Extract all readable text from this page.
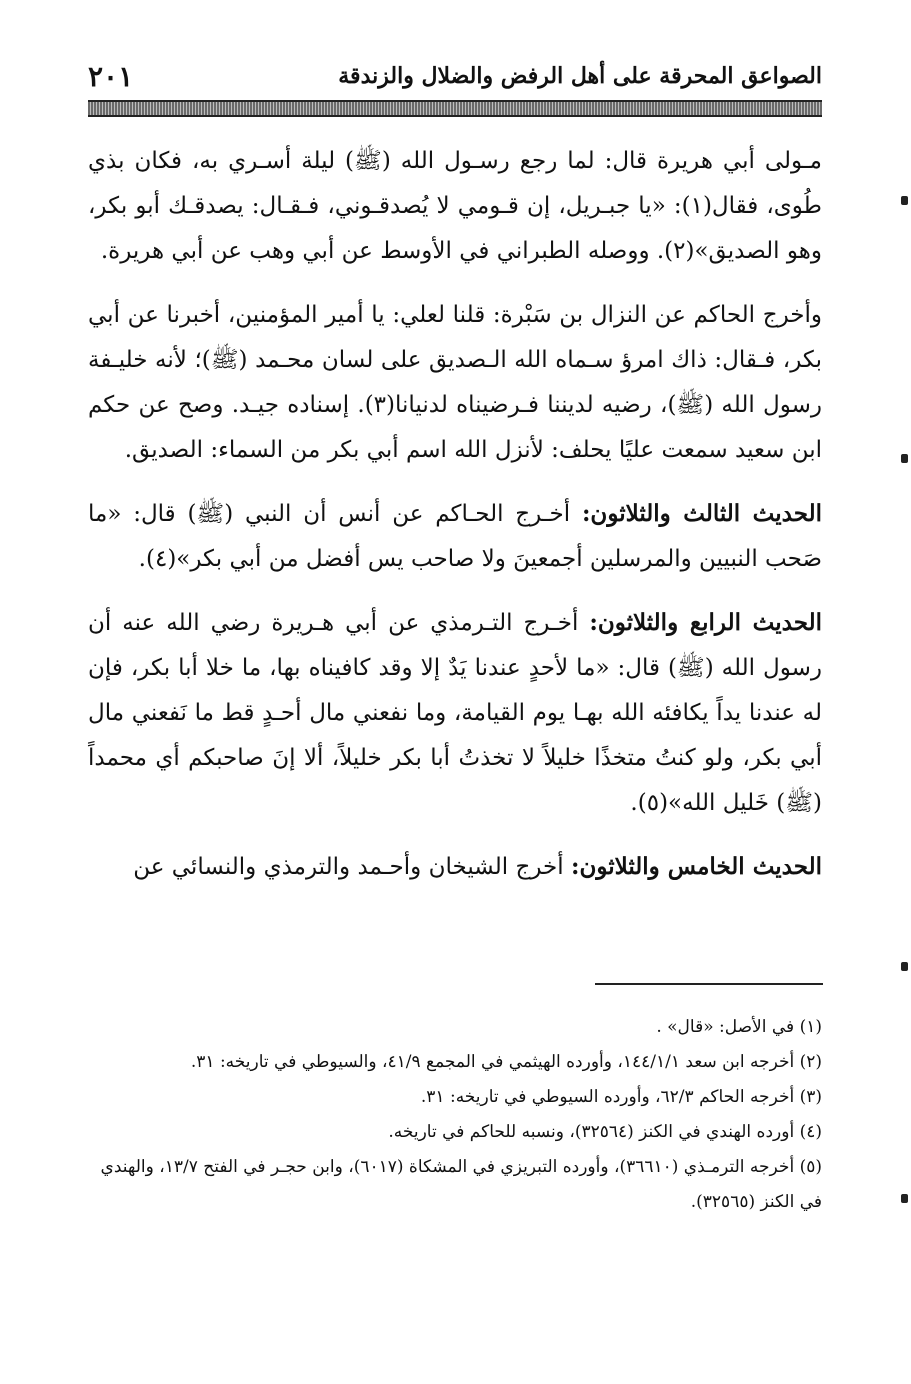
الصواعق المحرقة على أهل الرفض والضلال والزندقة
٢٠١

مـولى أبي هريرة قال: لما رجع رسـول الله (ﷺ) ليلة أسـري به، فكان بذي طُوى، فقال(١): «يا جبـريل، إن قـومي لا يُصدقـوني، فـقـال: يصدقـك أبو بكر، وهو الصديق»(٢). ووصله الطبراني في الأوسط عن أبي وهب عن أبي هريرة.

وأخرج الحاكم عن النزال بن سَبْرة: قلنا لعلي: يا أمير المؤمنين، أخبرنا عن أبي بكر، فـقال: ذاك امرؤ سـماه الله الـصديق على لسان محـمد (ﷺ)؛ لأنه خليـفة رسول الله (ﷺ)، رضيه لديننا فـرضيناه لدنيانا(٣). إسناده جيـد. وصح عن حكم ابن سعيد سمعت عليًا يحلف: لأنزل الله اسم أبي بكر من السماء: الصديق.

الحديث الثالث والثلاثون: أخـرج الحـاكم عن أنس أن النبي (ﷺ) قال: «ما صَحب النبيين والمرسلين أجمعينَ ولا صاحب يس أفضل من أبي بكر»(٤).

الحديث الرابع والثلاثون: أخـرج التـرمذي عن أبي هـريرة رضي الله عنه أن رسول الله (ﷺ) قال: «ما لأحدٍ عندنا يَدٌ إلا وقد كافيناه بها، ما خلا أبا بكر، فإن له عندنا يداً يكافئه الله بهـا يوم القيامة، وما نفعني مال أحـدٍ قط ما نَفعني مال أبي بكر، ولو كنتُ متخذًا خليلاً لا تخذتُ أبا بكر خليلاً، ألا إنَ صاحبكم أي محمداً (ﷺ) خَليل الله»(٥).

الحديث الخامس والثلاثون: أخرج الشيخان وأحـمد والترمذي والنسائي عن

(١) في الأصل: «قال» .

(٢) أخرجه ابن سعد ١٤٤/١/١، وأورده الهيثمي في المجمع ٤١/٩، والسيوطي في تاريخه: ٣١.

(٣) أخرجه الحاكم ٦٢/٣، وأورده السيوطي في تاريخه: ٣١.

(٤) أورده الهندي في الكنز (٣٢٥٦٤)، ونسبه للحاكم في تاريخه.

(٥) أخرجه الترمـذي (٣٦٦١٠)، وأورده التبريزي في المشكاة (٦٠١٧)، وابن حجـر في الفتح ١٣/٧، والهندي في الكنز (٣٢٥٦٥).
